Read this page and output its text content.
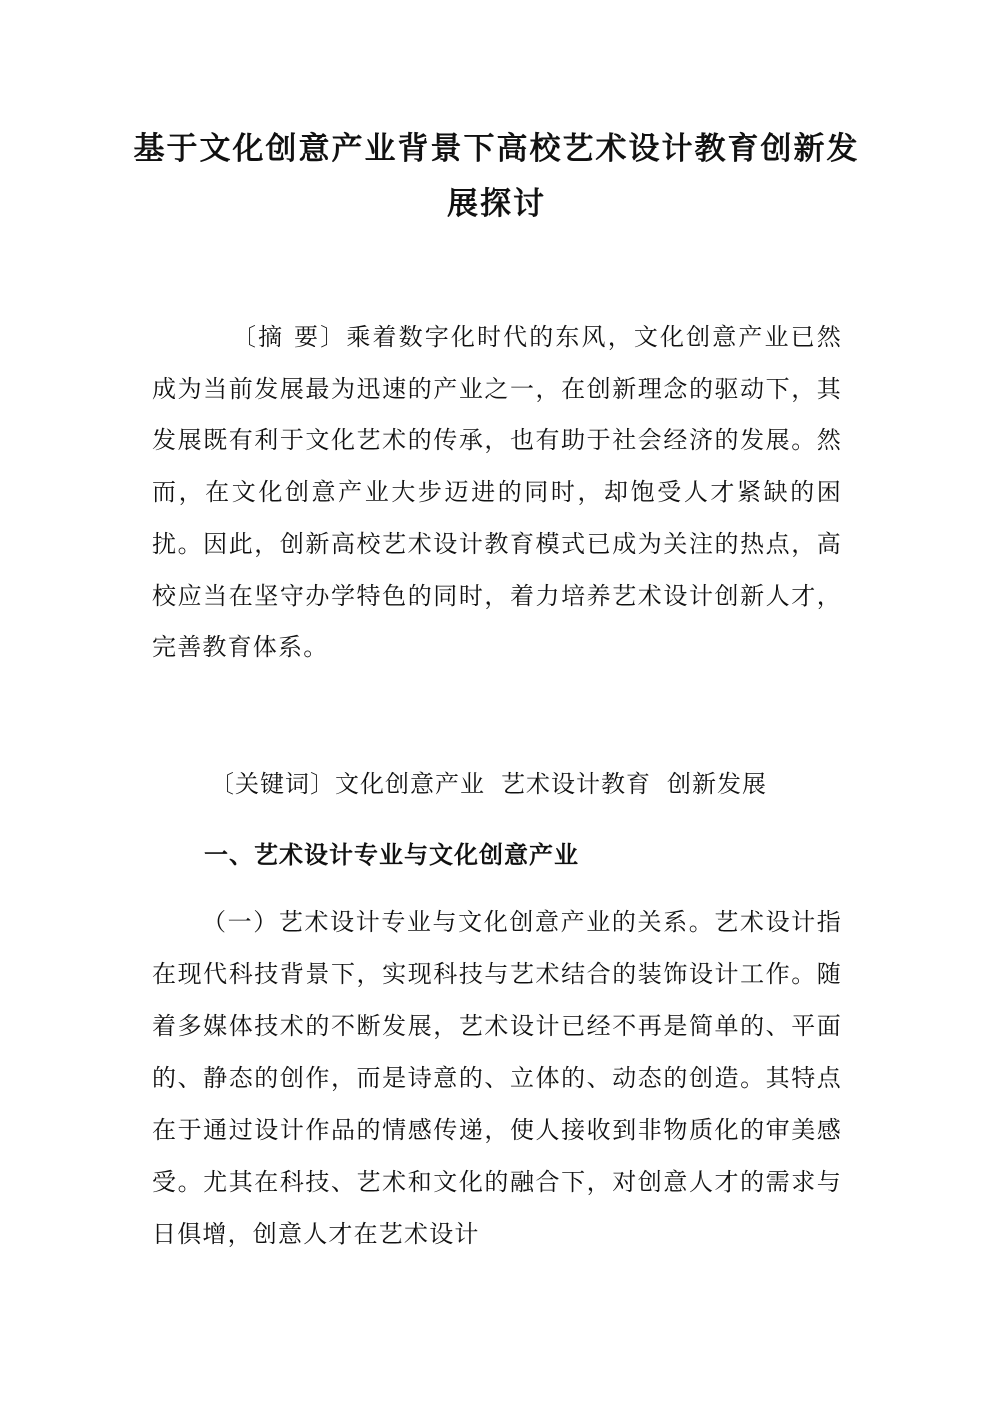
基于文化创意产业背景下高校艺术设计教育创新发展探讨

〔摘 要〕乘着数字化时代的东风，文化创意产业已然成为当前发展最为迅速的产业之一，在创新理念的驱动下，其发展既有利于文化艺术的传承，也有助于社会经济的发展。然而，在文化创意产业大步迈进的同时，却饱受人才紧缺的困扰。因此，创新高校艺术设计教育模式已成为关注的热点，高校应当在坚守办学特色的同时，着力培养艺术设计创新人才，完善教育体系。

〔关键词〕文化创意产业 艺术设计教育 创新发展

一、艺术设计专业与文化创意产业

（一）艺术设计专业与文化创意产业的关系。艺术设计指在现代科技背景下，实现科技与艺术结合的装饰设计工作。随着多媒体技术的不断发展，艺术设计已经不再是简单的、平面的、静态的创作，而是诗意的、立体的、动态的创造。其特点在于通过设计作品的情感传递，使人接收到非物质化的审美感受。尤其在科技、艺术和文化的融合下，对创意人才的需求与日俱增，创意人才在艺术设计
